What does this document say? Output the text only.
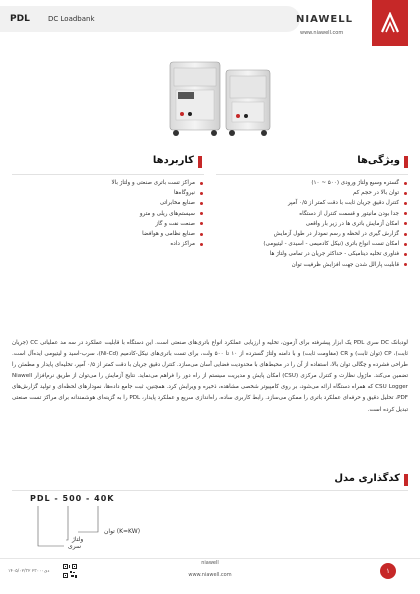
PDL	DC Loadbank	NIAWELL
www.niawell.com
ویژگی‌ها
گستره وسیع ولتاژ ورودی (۵۰۰ ~ ۱۰)
توان بالا در حجم کم
کنترل دقیق جریان ثابت با دقت کمتر از ۰/۵ آمپر
جدا بودن مانیتور و قسمت کنترل از دستگاه
امکان آزمایش باتری ها در زیر بار واقعی
گزارش گیری در لحظه و رسم نمودار در طول آزمایش
امکان تست انواع باتری (نیکل کادمیمی - اسیدی - لیتیومی)
فناوری تخلیه دینامیکی - حداکثر جریان در تمامی ولتاژ ها
قابلیت پارالل شدن جهت افزایش ظرفیت توان
کاربردها
مراکز تست باتری صنعتی و ولتاژ بالا
نیروگاه‌ها
صنایع مخابراتی
سیستم‌های ریلی و مترو
صنعت نفت و گاز
صنایع نظامی و هوافضا
مراکز داده

لودبانک DC سری PDL یک ابزار پیشرفته برای آزمون، تخلیه و ارزیابی عملکرد انواع باتری‌های صنعتی است. این دستگاه با قابلیت عملکرد در سه مد عملیاتی CC (جریان ثابت)، CP (توان ثابت) و CR (مقاومت ثابت) و با دامنه ولتاژ گسترده از ۱۰ تا ۵۰۰ ولت، برای تست باتری‌های نیکل-کادمیم (Ni-Cd)، سرب-اسید و لیتیومی ایده‌آل است. طراحی فشرده و چگالی توان بالا، استفاده از آن را در محیط‌های با محدودیت فضایی آسان می‌سازد. کنترل دقیق جریان با دقت کمتر از ۰/۵ آمپر، تخلیه‌ای پایدار و مطمئن را تضمین می‌کند. ماژول نظارت و کنترل مرکزی (CSU) امکان پایش و مدیریت سیستم از راه دور را فراهم می‌نماید. نتایج آزمایش را می‌توان از طریق نرم‌افزار Niawell CSU Logger که همراه دستگاه ارائه می‌شود، بر روی کامپیوتر شخصی مشاهده، ذخیره و ویرایش کرد. همچنین، ثبت جامع داده‌ها، نمودارهای لحظه‌ای و تولید گزارش‌های PDF، تحلیل دقیق و حرفه‌ای عملکرد باتری را ممکن می‌سازد. رابط کاربری ساده، راه‌اندازی سریع و عملکرد پایدار، PDL را به گزینه‌ای هوشمندانه برای مراکز تست صنعتی تبدیل کرده است.

کدگذاری مدل
PDL - 500 - 40K
توان (K=KW)
ولتاژ
سری
niawell
www.niawell.com
۱۴۰۵/۰۲/۳۲ دی۲۳۰۰۰	۱
